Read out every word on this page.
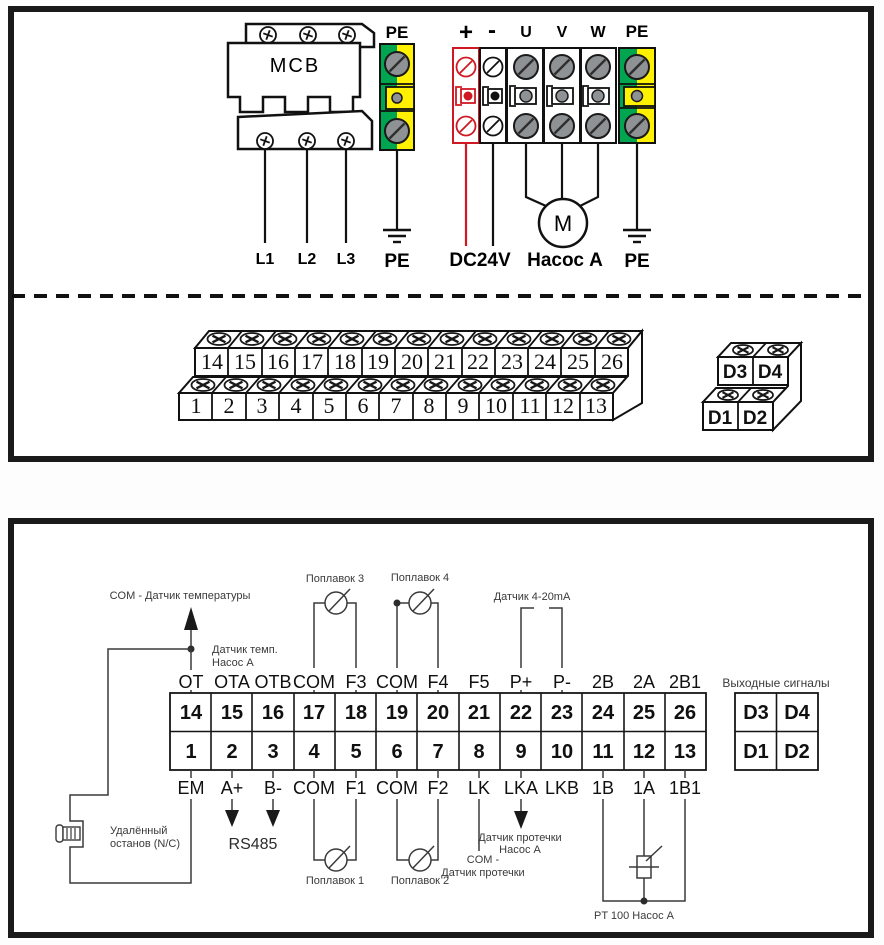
MCB
L1 L2 L3
PE
PE
+ -
DC24V
U V W
M
Насос А
PE
PE
14 15 16 17 18 19 20 21 22 23 24 25 26
1 2 3 4 5 6 7 8 9 10 11 12 13
D3 D4
D1 D2
COM - Датчик температуры
Датчик темп.
Насос А
Удалённый
останов (N/C)
Поплавок 3 Поплавок 4
Датчик 4-20mA
OT OTA OTB COM F3 COM F4 F5 P+ P- 2B 2A 2B1
14 15 16 17 18 19 20 21 22 23 24 25 26
1 2 3 4 5 6 7 8 9 10 11 12 13
Выходные сигналы
D3 D4
D1 D2
EM A+ B- COM F1 COM F2 LK LKA LKB 1B 1A 1B1
RS485
Поплавок 1 Поплавок 2
COM -
Датчик протечки
Датчик протечки
Насос А
PT 100 Насос А
